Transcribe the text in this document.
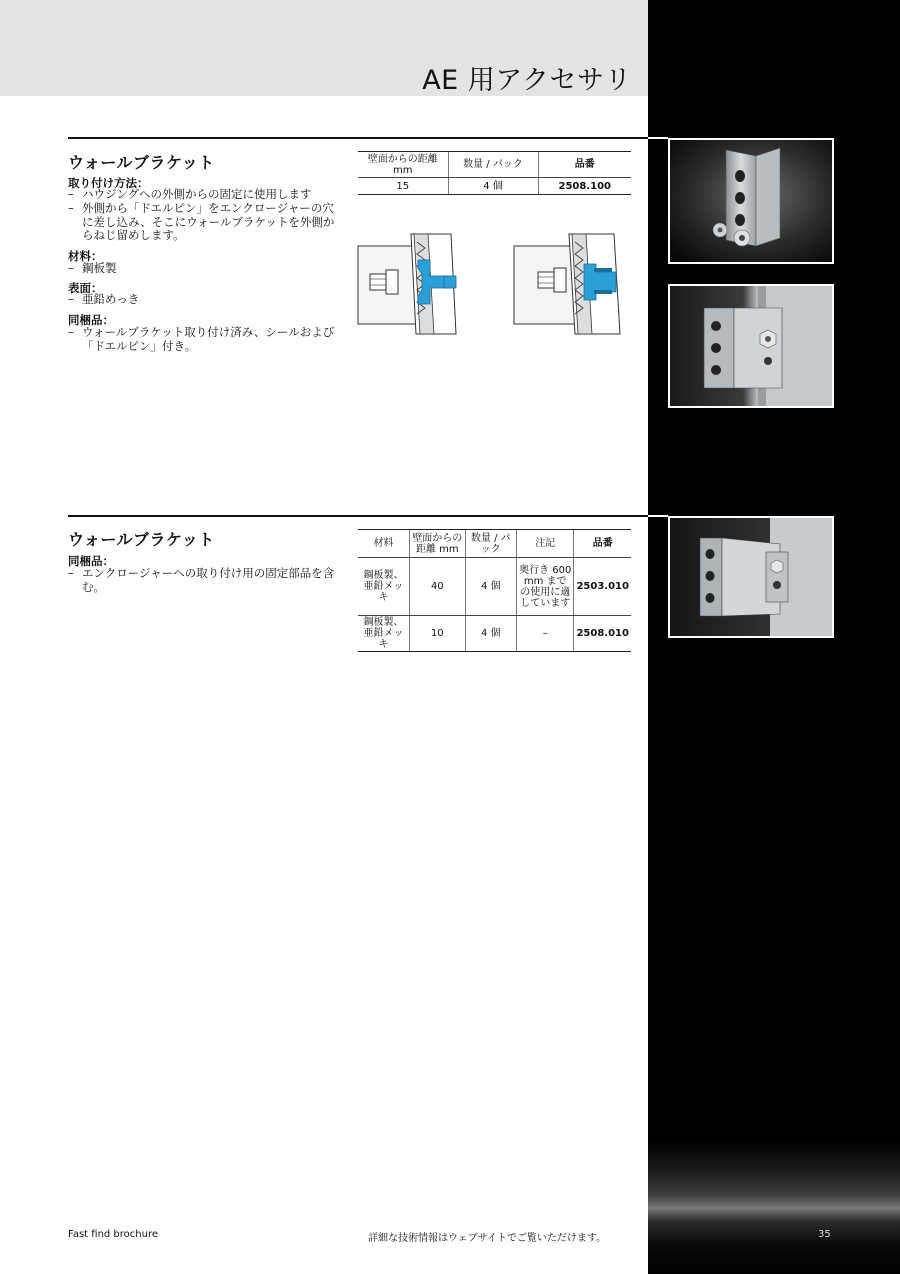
AE 用アクセサリ
ウォールブラケット
取り付け方法：
– ハウジングへの外側からの固定に使用します
– 外側から「ドエルピン」をエンクロージャーの穴に差し込み、そこにウォールブラケットを外側からねじ留めします。
材料：
– 鋼板製
表面：
– 亜鉛めっき
同梱品：
– ウォールブラケット取り付け済み、シールおよび「ドエルピン」付き。
壁面からの距離 mm	数量 / パック	品番
15	4 個	2508.100
ウォールブラケット
同梱品：
– エンクロージャーへの取り付け用の固定部品を含む。
材料	壁面からの距離 mm	数量 / パック	注記	品番
鋼板製、亜鉛メッキ	40	4 個	奥行き 600 mm までの使用に適しています	2503.010
鋼板製、亜鉛メッキ	10	4 個	–	2508.010
Fast find brochure	詳細な技術情報はウェブサイトでご覧いただけます。	35
